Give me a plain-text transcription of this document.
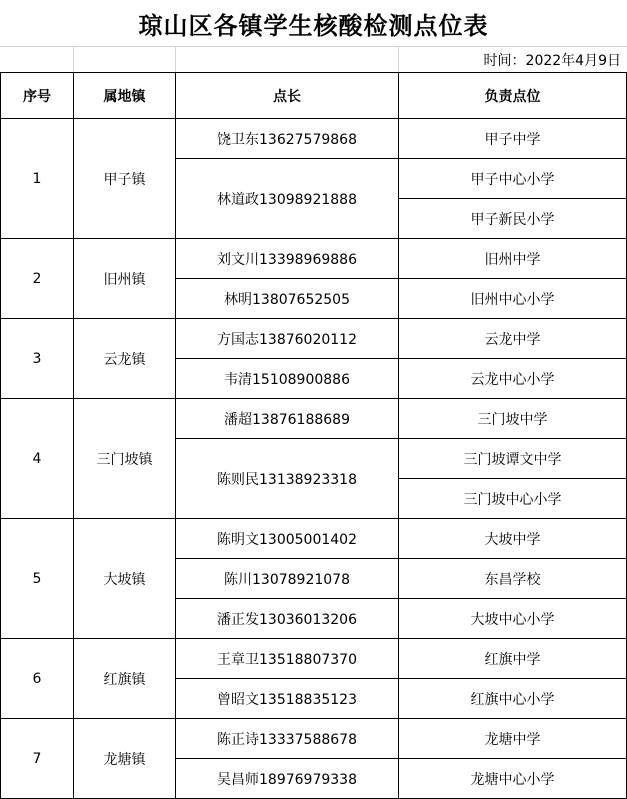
琼山区各镇学生核酸检测点位表
时间：2022年4月9日
序号	属地镇	点长	负责点位
1	甲子镇	饶卫东13627579868	甲子中学
		林道政13098921888	甲子中心小学
			甲子新民小学
2	旧州镇	刘文川13398969886	旧州中学
		林明13807652505	旧州中心小学
3	云龙镇	方国志13876020112	云龙中学
		韦清15108900886	云龙中心小学
4	三门坡镇	潘超13876188689	三门坡中学
		陈则民13138923318	三门坡谭文中学
			三门坡中心小学
5	大坡镇	陈明文13005001402	大坡中学
		陈川13078921078	东昌学校
		潘正发13036013206	大坡中心小学
6	红旗镇	王章卫13518807370	红旗中学
		曾昭文13518835123	红旗中心小学
7	龙塘镇	陈正诗13337588678	龙塘中学
		吴昌师18976979338	龙塘中心小学
